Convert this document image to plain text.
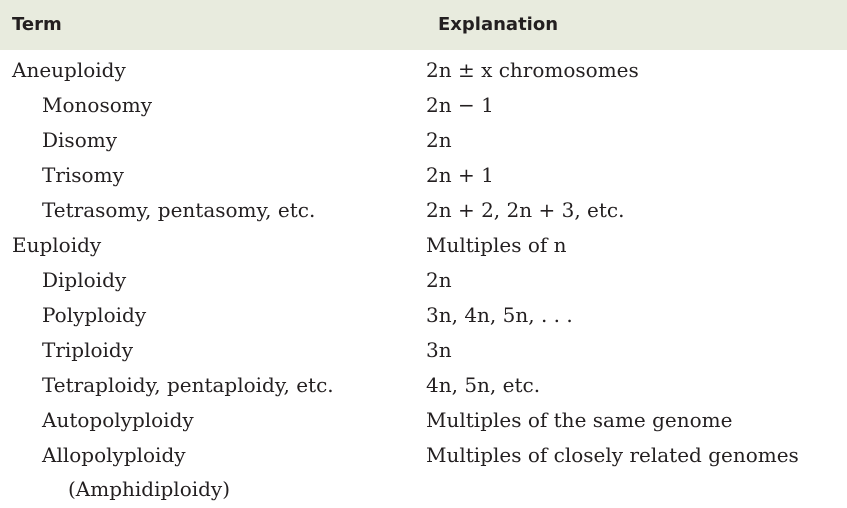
Term	Explanation
Aneuploidy	2n ± x chromosomes
Monosomy	2n − 1
Disomy	2n
Trisomy	2n + 1
Tetrasomy, pentasomy, etc.	2n + 2, 2n + 3, etc.
Euploidy	Multiples of n
Diploidy	2n
Polyploidy	3n, 4n, 5n, . . .
Triploidy	3n
Tetraploidy, pentaploidy, etc.	4n, 5n, etc.
Autopolyploidy	Multiples of the same genome
Allopolyploidy	Multiples of closely related genomes
(Amphidiploidy)
